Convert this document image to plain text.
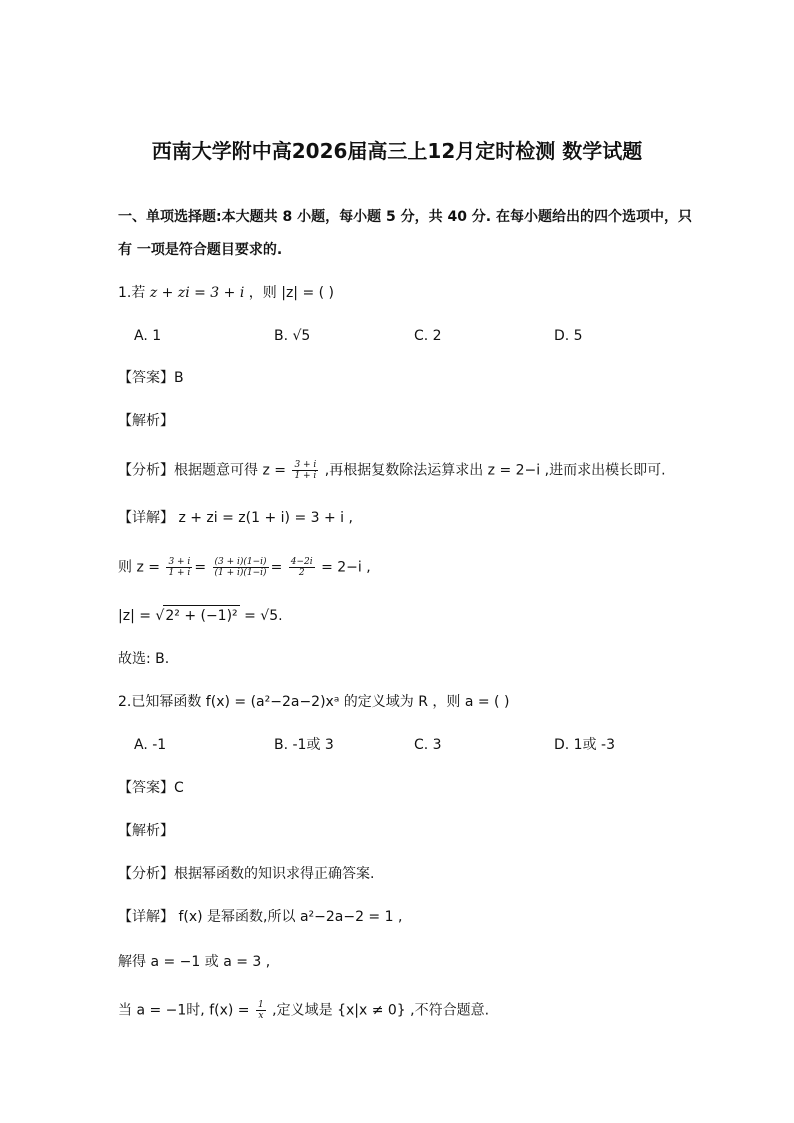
西南大学附中高2026届高三上12月定时检测 数学试题
一、单项选择题:本大题共 8 小题，每小题 5 分，共 40 分. 在每小题给出的四个选项中，只
有 一项是符合题目要求的.
1.若 z + zi = 3 + i ，则 |z| = ( )
A. 1	B. √5	C. 2	D. 5
【答案】B
【解析】
【分析】根据题意可得 $z = \frac{3 + i}{1 + i}$ ,再根据复数除法运算求出 z = 2−i ,进而求出模长即可.
【详解】 z + zi = z(1 + i) = 3 + i ,
则 $z = \frac{3 + i}{1 + i} = \frac{(3 + i)(1-i)}{(1 + i)(1-i)} = \frac{4-2i}{2} = 2-i$ ,
|z| = √2² + (−1)² = √5.
故选: B.
2.已知幂函数 f(x) = (a²−2a−2)xᵃ 的定义域为 R ，则 a = ( )
A. -1	B. -1或 3	C. 3	D. 1或 -3
【答案】C
【解析】
【分析】根据幂函数的知识求得正确答案.
【详解】 f(x) 是幂函数,所以 a²−2a−2 = 1 ,
解得 a = −1 或 a = 3 ,
当 a = −1时, $f(x) = \frac{1}{x}$ ,定义域是 {x|x ≠ 0} ,不符合题意.
